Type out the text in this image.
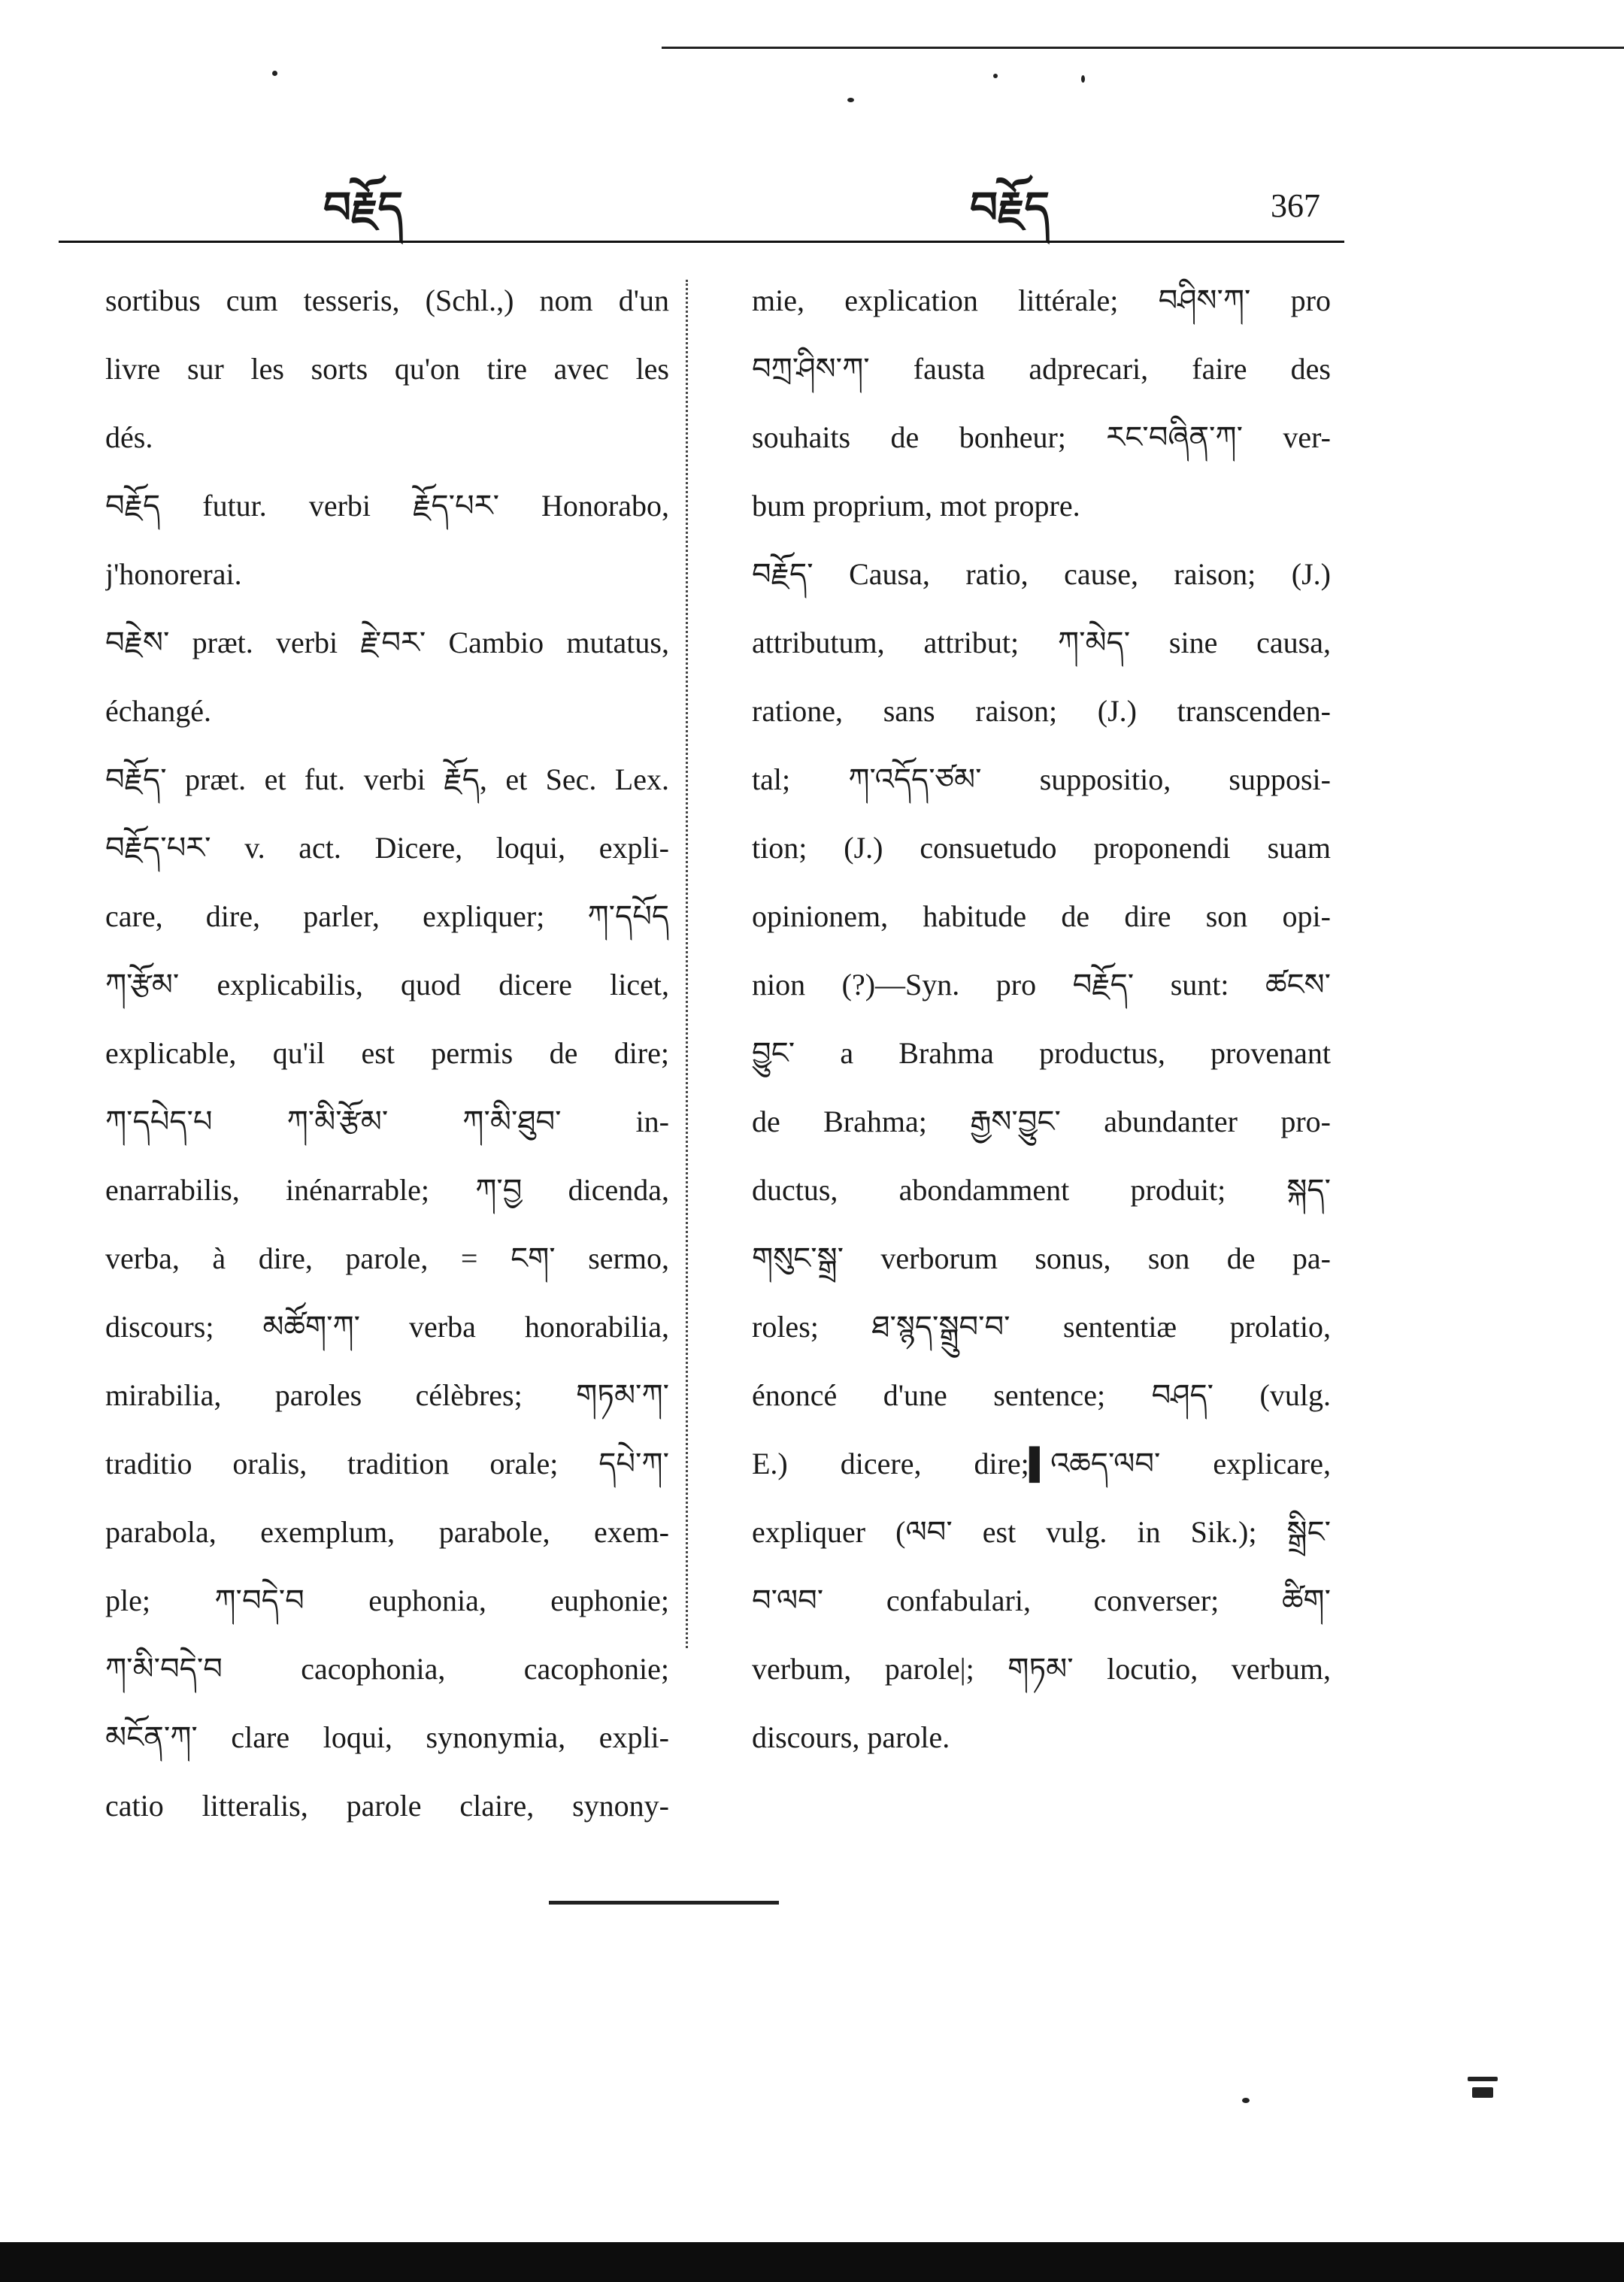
བརྗོད	བརྗོད	367
sortibus cum tesseris, (Schl.,) nom d'un
livre sur les sorts qu'on tire avec les
dés.
བརྗོད futur. verbi རྗོད་པར་ Honorabo,
j'honorerai.
བརྗེས་ præt. verbi རྗེ་བར་ Cambio mutatus,
échangé.
བརྗོད་ præt. et fut. verbi རྗོད, et Sec. Lex.
བརྗོད་པར་ v. act. Dicere, loqui, expli-
care, dire, parler, expliquer; ཀ་དཔོད
ཀ་རྩོམ་ explicabilis, quod dicere licet,
explicable, qu'il est permis de dire;
ཀ་དཔེད་པ ཀ་མི་རྩོམ་ ཀ་མི་ཐུབ་ in-
enarrabilis, inénarrable; ཀ་བྱ dicenda,
verba, à dire, parole, = ངག་ sermo,
discours; མཚོག་ཀ་ verba honorabilia,
mirabilia, paroles célèbres; གཏམ་ཀ་
traditio oralis, tradition orale; དཔེ་ཀ་
parabola, exemplum, parabole, exem-
ple; ཀ་བདེ་བ euphonia, euphonie;
ཀ་མི་བདེ་བ cacophonia, cacophonie;
མངོན་ཀ་ clare loqui, synonymia, expli-
catio litteralis, parole claire, synony-
mie, explication littérale; བཤིས་ཀ་ pro
བཀྲ་ཤིས་ཀ་ fausta adprecari, faire des
souhaits de bonheur; རང་བཞིན་ཀ་ ver-
bum proprium, mot propre.
བརྗོད་ Causa, ratio, cause, raison; (J.)
attributum, attribut; ཀ་མེད་ sine causa,
ratione, sans raison; (J.) transcenden-
tal; ཀ་འདོད་ཙམ་ suppositio, supposi-
tion; (J.) consuetudo proponendi suam
opinionem, habitude de dire son opi-
nion (?)—Syn. pro བརྗོད་ sunt: ཚངས་
བྱུང་ a Brahma productus, provenant
de Brahma; རྒྱས་བྱུང་ abundanter pro-
ductus, abondamment produit; སྐད་
གསུང་སྒྲ་ verborum sonus, son de pa-
roles; ཐ་སྙད་སྒྲུབ་བ་ sententiæ prolatio,
énoncé d'une sentence; བཤད་ (vulg.
E.) dicere, dire;▌འཆད་ལབ་ explicare,
expliquer (ལབ་ est vulg. in Sik.); སྒྲིང་
བ་ལབ་ confabulari, converser; ཚིག་
verbum, parole|; གཏམ་ locutio, verbum,
discours, parole.
